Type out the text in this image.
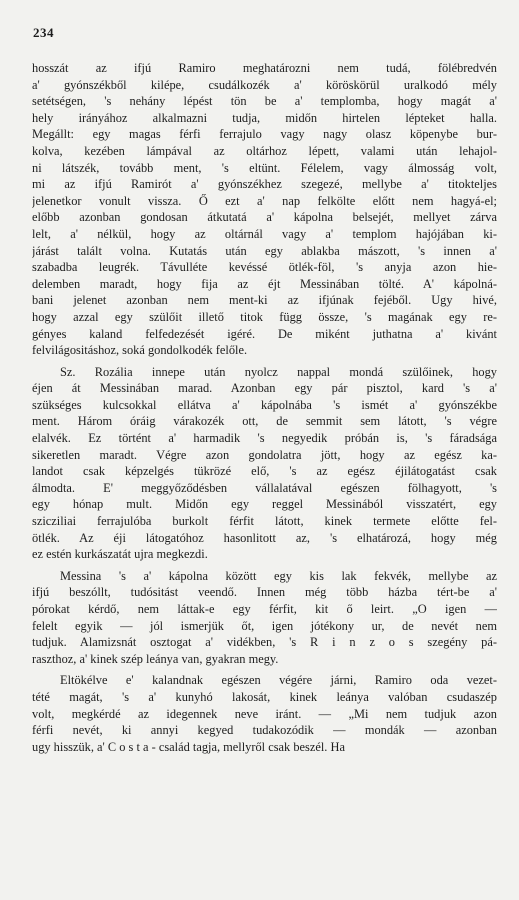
234
hosszát az ifjú Ramiro meghatározni nem tudá, fölébredvén
a' gyónszékből kilépe, csudálkozék a' köröskörül uralkodó mély
setétségen, 's nehány lépést tön be a' templomba, hogy magát a'
hely irányához alkalmazni tudja, midőn hirtelen lépteket halla.
Megállt: egy magas férfi ferrajulo vagy nagy olasz köpenybe bur-
kolva, kezében lámpával az oltárhoz lépett, valami után lehajol-
ni látszék, tovább ment, 's eltünt. Félelem, vagy álmosság volt,
mi az ifjú Ramirót a' gyónszékhez szegezé, mellybe a' titokteljes
jelenetkor vonult vissza. Ő ezt a' nap felkölte előtt nem hagyá-el;
előbb azonban gondosan átkutatá a' kápolna belsejét, mellyet zárva
lelt, a' nélkül, hogy az oltárnál vagy a' templom hajójában ki-
járást talált volna. Kutatás után egy ablakba mászott, 's innen a'
szabadba leugrék. Távulléte kevéssé ötlék-föl, 's anyja azon hie-
delemben maradt, hogy fija az éjt Messinában tölté. A' kápolná-
bani jelenet azonban nem ment-ki az ifjúnak fejéből. Ugy hivé,
hogy azzal egy szülőit illető titok függ össze, 's magának egy re-
gényes kaland felfedezését igéré. De miként juthatna a' kivánt
felvilágositáshoz, soká gondolkodék felőle.
Sz. Rozália innepe után nyolcz nappal mondá szülőinek, hogy
éjen át Messinában marad. Azonban egy pár pisztol, kard 's a'
szükséges kulcsokkal ellátva a' kápolnába 's ismét a' gyónszékbe
ment. Három óráig várakozék ott, de semmit sem látott, 's végre
elalvék. Ez történt a' harmadik 's negyedik próbán is, 's fáradsága
sikeretlen maradt. Végre azon gondolatra jött, hogy az egész ka-
landot csak képzelgés tükrözé elő, 's az egész éjilátogatást csak
álmodta. E' meggyőződésben vállalatával egészen fölhagyott, 's
egy hónap mult. Midőn egy reggel Messinából visszatért, egy
szicziliai ferrajulóba burkolt férfit látott, kinek termete előtte fel-
ötlék. Az éji látogatóhoz hasonlitott az, 's elhatározá, hogy még
ez estén kurkászatát ujra megkezdi.
Messina 's a' kápolna között egy kis lak fekvék, mellybe az
ifjú beszóllt, tudósitást veendő. Innen még több házba tért-be a'
pórokat kérdő, nem láttak-e egy férfit, kit ő leirt. „O igen —
felelt egyik — jól ismerjük őt, igen jótékony ur, de nevét nem
tudjuk. Alamizsnát osztogat a' vidékben, 's R i n z o s szegény pá-
raszthoz, a' kinek szép leánya van, gyakran megy.
Eltökélve e' kalandnak egészen végére járni, Ramiro oda vezet-
tété magát, 's a' kunyhó lakosát, kinek leánya valóban csudaszép
volt, megkérdé az idegennek neve iránt. — „Mi nem tudjuk azon
férfi nevét, ki annyi kegyed tudakozódik — mondák — azonban
ugy hisszük, a' C o s t a - család tagja, mellyről csak beszél. Ha
